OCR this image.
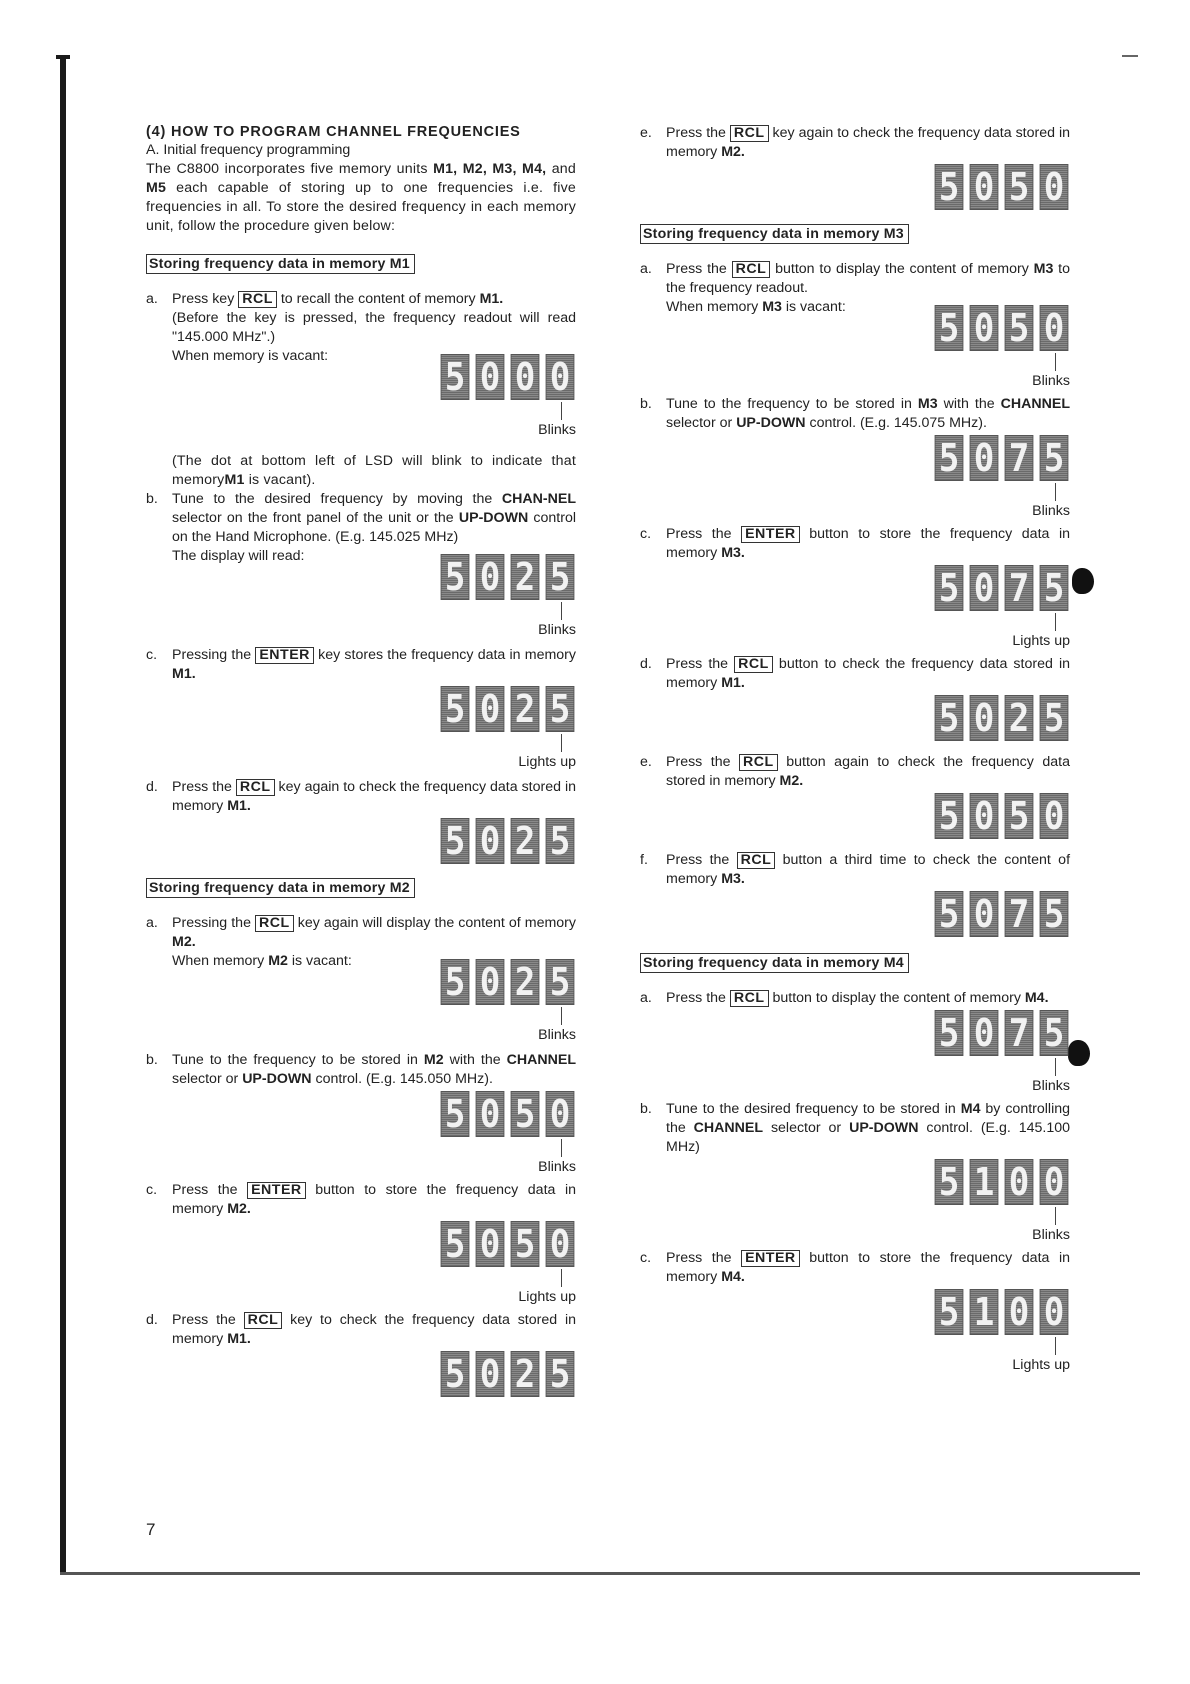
(4) HOW TO PROGRAM CHANNEL FREQUENCIES
A. Initial frequency programming
The C8800 incorporates five memory units M1, M2, M3, M4, and M5 each capable of storing up to one frequencies i.e. five frequencies in all. To store the desired frequency in each memory unit, follow the procedure given below:
Storing frequency data in memory M1
a. Press key RCL to recall the content of memory M1.
(Before the key is pressed, the frequency readout will read "145.000 MHz".)
When memory is vacant:	5 0 0 0
Blinks
(The dot at bottom left of LSD will blink to indicate that memoryM1 is vacant).
b. Tune to the desired frequency by moving the CHAN-NEL selector on the front panel of the unit or the UP-DOWN control on the Hand Microphone. (E.g. 145.025 MHz)
The display will read:	5 0 2 5
Blinks
c.	Pressing the ENTER key stores the frequency data in memory M1.
5 0 2 5
Lights up
d. Press the RCL key again to check the frequency data stored in memory M1.
5 0 2 5
Storing frequency data in memory M2
a. Pressing the RCL key again will display the content of memory M2.
When memory M2 is vacant:	5 0 2 5
Blinks
b. Tune to the frequency to be stored in M2 with the CHANNEL selector or UP-DOWN control. (E.g. 145.050 MHz).
5 0 5 0
Blinks
c.	Press the ENTER button to store the frequency data in memory M2.
5 0 5 0
Lights up
d. Press the RCL key to check the frequency data stored in memory M1.
5 0 2 5
e. Press the RCL key again to check the frequency data stored in memory M2.
5 0 5 0
Storing frequency data in memory M3
a. Press the RCL button to display the content of memory M3 to the frequency readout.
When memory M3 is vacant:	5 0 5 0
Blinks
b. Tune to the frequency to be stored in M3 with the CHANNEL selector or UP-DOWN control. (E.g. 145.075 MHz).
5 0 7 5
Blinks
c.	Press the ENTER button to store the frequency data in memory M3.
5 0 7 5
Lights up
d. Press the RCL button to check the frequency data stored in memory M1.
5 0 2 5
e. Press the RCL button again to check the frequency data stored in memory M2.
5 0 5 0
f.	Press the RCL button a third time to check the content of memory M3.
5 0 7 5
Storing frequency data in memory M4
a. Press the RCL button to display the content of memory M4.
5 0 7 5
Blinks
b. Tune to the desired frequency to be stored in M4 by controlling the CHANNEL selector or UP-DOWN control. (E.g. 145.100 MHz)
5 1 0 0
Blinks
c.	Press the ENTER button to store the frequency data in memory M4.
5 1 0 0
Lights up
7
